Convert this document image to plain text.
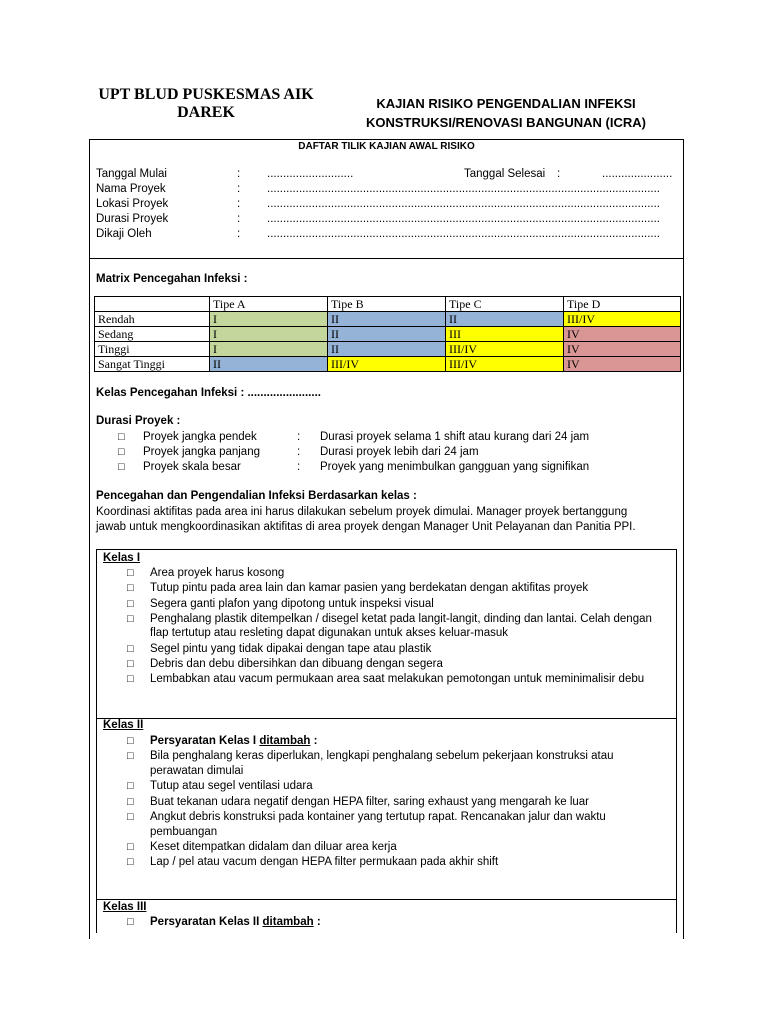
UPT BLUD PUSKESMAS AIK DAREK
KAJIAN RISIKO PENGENDALIAN INFEKSI
KONSTRUKSI/RENOVASI BANGUNAN (ICRA)
DAFTAR TILIK KAJIAN AWAL RISIKO
Tanggal Mulai	: ...........................	Tanggal Selesai :	......................
Nama Proyek	: ...........................................................................................................................
Lokasi Proyek	: ...........................................................................................................................
Durasi Proyek	: ...........................................................................................................................
Dikaji Oleh	: ...........................................................................................................................
Matrix Pencegahan Infeksi :
	Tipe A	Tipe B	Tipe C	Tipe D
Rendah	I	II	II	III/IV
Sedang	I	II	III	IV
Tinggi	I	II	III/IV	IV
Sangat Tinggi	II	III/IV	III/IV	IV
Kelas Pencegahan Infeksi : .......................
Durasi Proyek :
□ Proyek jangka pendek	: Durasi proyek selama 1 shift atau kurang dari 24 jam
□ Proyek jangka panjang	: Durasi proyek lebih dari 24 jam
□ Proyek skala besar	: Proyek yang menimbulkan gangguan yang signifikan
Pencegahan dan Pengendalian Infeksi Berdasarkan kelas :
Koordinasi aktifitas pada area ini harus dilakukan sebelum proyek dimulai. Manager proyek bertanggung
jawab untuk mengkoordinasikan aktifitas di area proyek dengan Manager Unit Pelayanan dan Panitia PPI.
Kelas I
□ Area proyek harus kosong
□ Tutup pintu pada area lain dan kamar pasien yang berdekatan dengan aktifitas proyek
□ Segera ganti plafon yang dipotong untuk inspeksi visual
□ Penghalang plastik ditempelkan / disegel ketat pada langit-langit, dinding dan lantai. Celah dengan
flap tertutup atau resleting dapat digunakan untuk akses keluar-masuk
□ Segel pintu yang tidak dipakai dengan tape atau plastik
□ Debris dan debu dibersihkan dan dibuang dengan segera
□ Lembabkan atau vacum permukaan area saat melakukan pemotongan untuk meminimalisir debu
Kelas II
□ Persyaratan Kelas I ditambah :
□ Bila penghalang keras diperlukan, lengkapi penghalang sebelum pekerjaan konstruksi atau
perawatan dimulai
□ Tutup atau segel ventilasi udara
□ Buat tekanan udara negatif dengan HEPA filter, saring exhaust yang mengarah ke luar
□ Angkut debris konstruksi pada kontainer yang tertutup rapat. Rencanakan jalur dan waktu
pembuangan
□ Keset ditempatkan didalam dan diluar area kerja
□ Lap / pel atau vacum dengan HEPA filter permukaan pada akhir shift
Kelas III
□ Persyaratan Kelas II ditambah :
